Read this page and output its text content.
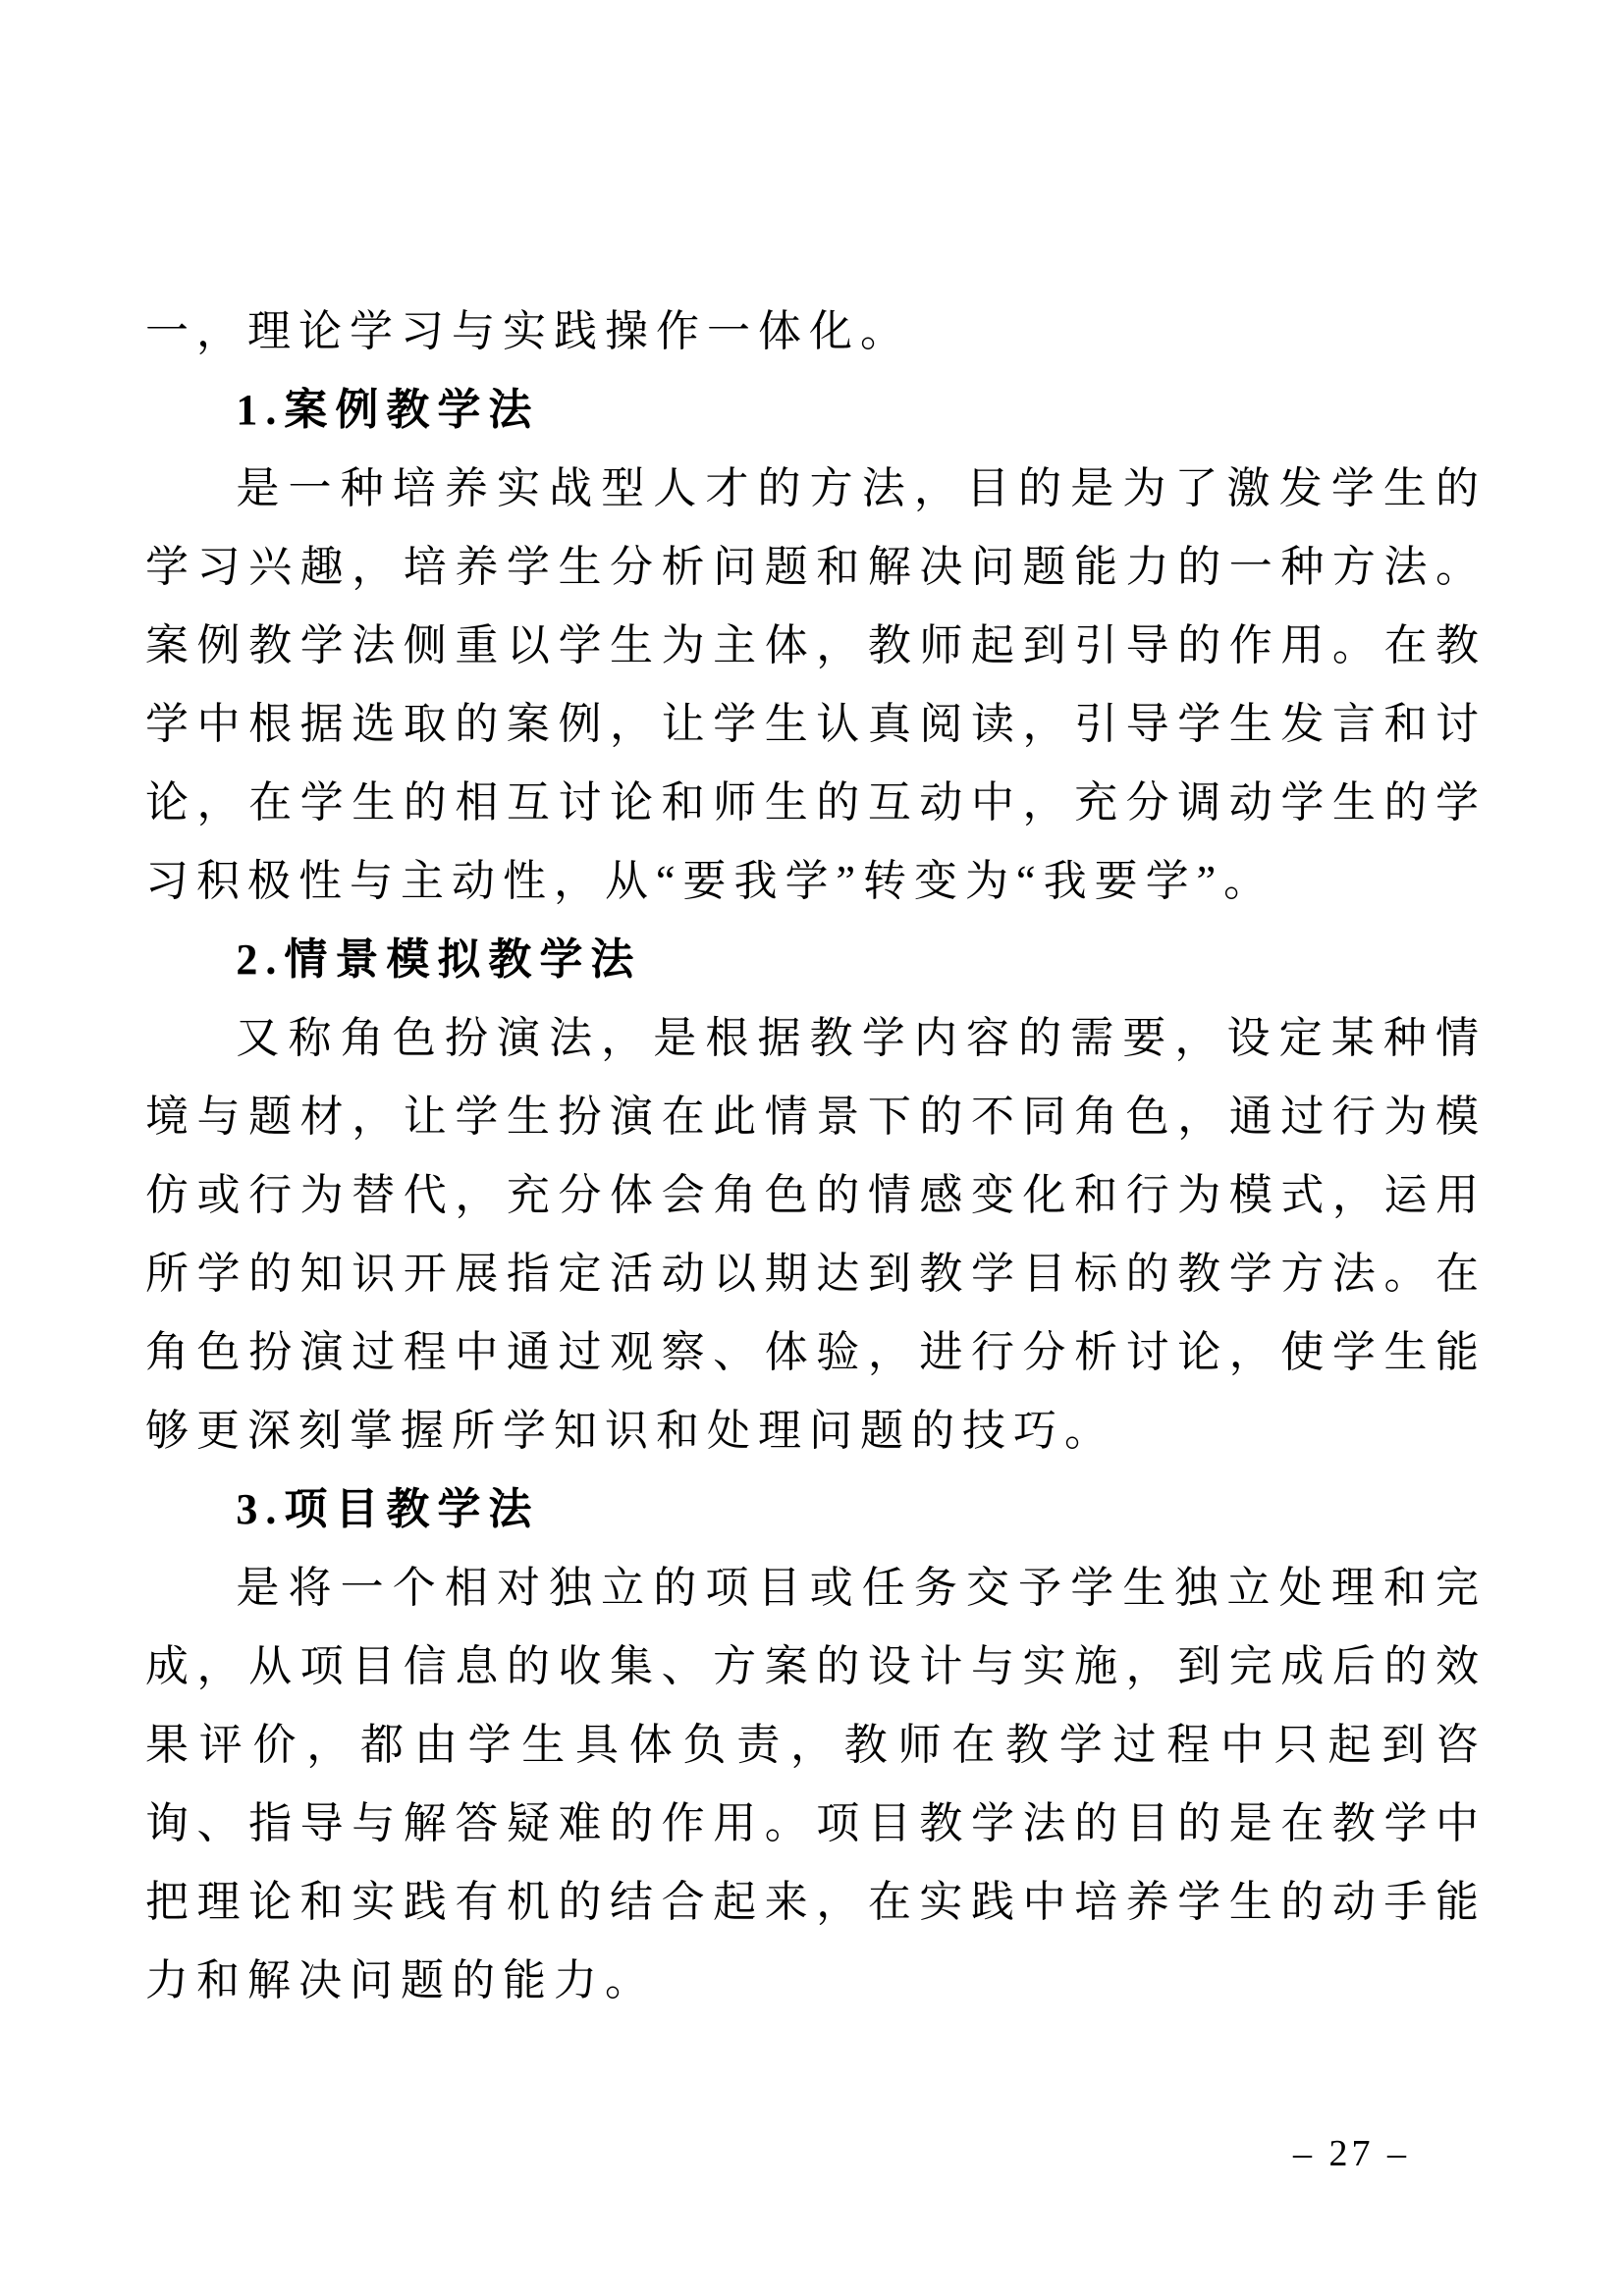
一，理论学习与实践操作一体化。

1.案例教学法

是一种培养实战型人才的方法，目的是为了激发学生的学习兴趣，培养学生分析问题和解决问题能力的一种方法。案例教学法侧重以学生为主体，教师起到引导的作用。在教学中根据选取的案例，让学生认真阅读，引导学生发言和讨论，在学生的相互讨论和师生的互动中，充分调动学生的学习积极性与主动性，从“要我学”转变为“我要学”。

2.情景模拟教学法

又称角色扮演法，是根据教学内容的需要，设定某种情境与题材，让学生扮演在此情景下的不同角色，通过行为模仿或行为替代，充分体会角色的情感变化和行为模式，运用所学的知识开展指定活动以期达到教学目标的教学方法。在角色扮演过程中通过观察、体验，进行分析讨论，使学生能够更深刻掌握所学知识和处理问题的技巧。

3.项目教学法

是将一个相对独立的项目或任务交予学生独立处理和完成，从项目信息的收集、方案的设计与实施，到完成后的效果评价，都由学生具体负责，教师在教学过程中只起到咨询、指导与解答疑难的作用。项目教学法的目的是在教学中把理论和实践有机的结合起来，在实践中培养学生的动手能力和解决问题的能力。

– 27 –
